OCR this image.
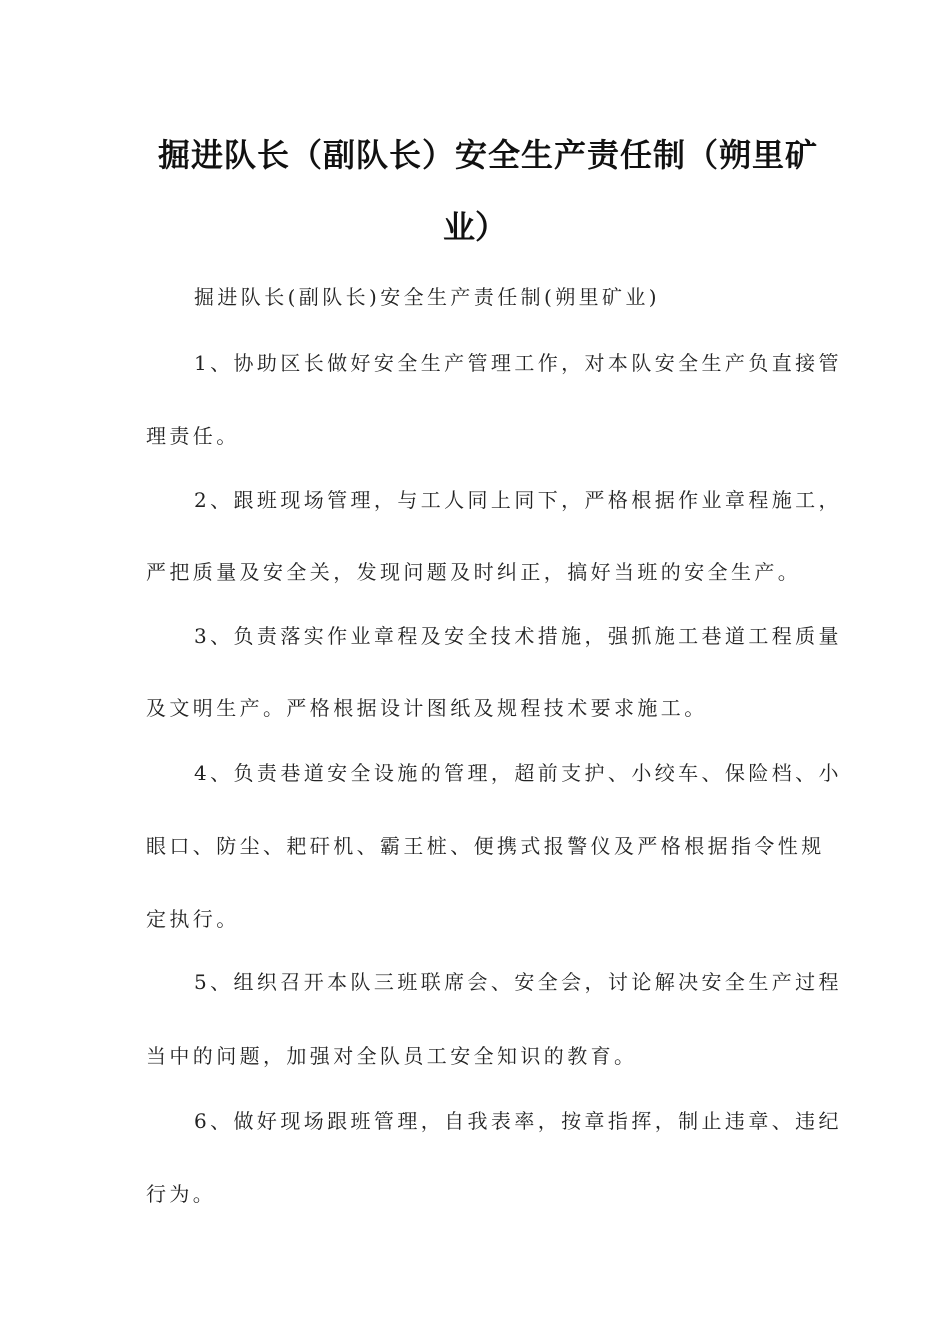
掘进队长（副队长）安全生产责任制（朔里矿
业）
掘进队长(副队长)安全生产责任制(朔里矿业)
1、协助区长做好安全生产管理工作，对本队安全生产负直接管
理责任。
2、跟班现场管理，与工人同上同下，严格根据作业章程施工，
严把质量及安全关，发现问题及时纠正，搞好当班的安全生产。
3、负责落实作业章程及安全技术措施，强抓施工巷道工程质量
及文明生产。严格根据设计图纸及规程技术要求施工。
4、负责巷道安全设施的管理，超前支护、小绞车、保险档、小
眼口、防尘、耙矸机、霸王桩、便携式报警仪及严格根据指令性规
定执行。
5、组织召开本队三班联席会、安全会，讨论解决安全生产过程
当中的问题，加强对全队员工安全知识的教育。
6、做好现场跟班管理，自我表率，按章指挥，制止违章、违纪
行为。
